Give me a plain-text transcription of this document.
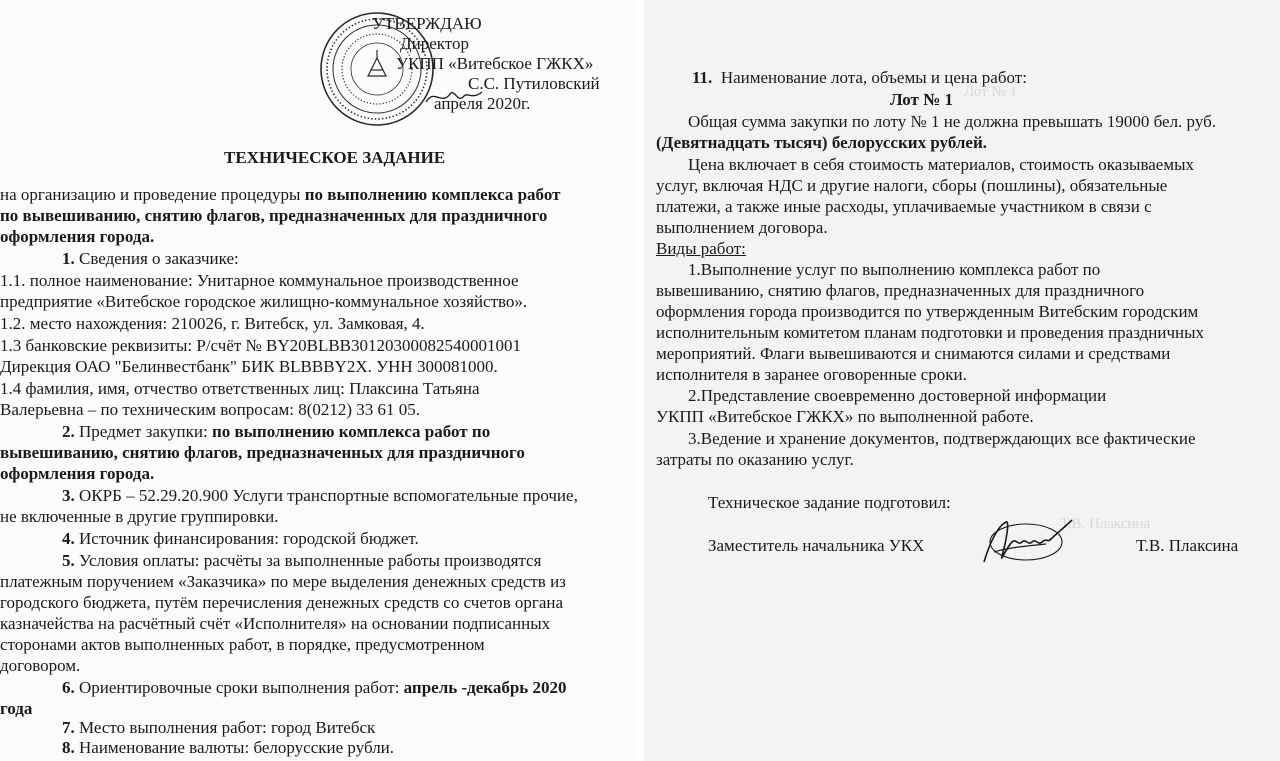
УТВЕРЖДАЮ
Директор
УКПП «Витебское ГЖКХ»
С.С. Путиловский
апреля 2020г.
ТЕХНИЧЕСКОЕ ЗАДАНИЕ
на организацию и проведение процедуры по выполнению комплекса работ
по вывешиванию, снятию флагов, предназначенных для праздничного
оформления города.
1. Сведения о заказчике:
1.1. полное наименование: Унитарное коммунальное производственное
предприятие «Витебское городское жилищно-коммунальное хозяйство».
1.2. место нахождения: 210026, г. Витебск, ул. Замковая, 4.
1.3 банковские реквизиты: Р/счёт № BY20BLBB30120300082540001001
Дирекция ОАО "Белинвестбанк" БИК BLBBBY2X. УНН 300081000.
1.4 фамилия, имя, отчество ответственных лиц: Плаксина Татьяна
Валерьевна – по техническим вопросам: 8(0212) 33 61 05.
2. Предмет закупки: по выполнению комплекса работ по
вывешиванию, снятию флагов, предназначенных для праздничного
оформления города.
3. ОКРБ – 52.29.20.900 Услуги транспортные вспомогательные прочие,
не включенные в другие группировки.
4. Источник финансирования: городской бюджет.
5. Условия оплаты: расчёты за выполненные работы производятся
платежным поручением «Заказчика» по мере выделения денежных средств из
городского бюджета, путём перечисления денежных средств со счетов органа
казначейства на расчётный счёт «Исполнителя» на основании подписанных
сторонами актов выполненных работ, в порядке, предусмотренном
договором.
6. Ориентировочные сроки выполнения работ: апрель -декабрь 2020
года
7. Место выполнения работ: город Витебск
8. Наименование валюты: белорусские рубли.
Лот № 1
Т.В. Плаксина
11. Наименование лота, объемы и цена работ:
Лот № 1
Общая сумма закупки по лоту № 1 не должна превышать 19000 бел. руб.
(Девятнадцать тысяч) белорусских рублей.
Цена включает в себя стоимость материалов, стоимость оказываемых
услуг, включая НДС и другие налоги, сборы (пошлины), обязательные
платежи, а также иные расходы, уплачиваемые участником в связи с
выполнением договора.
Виды работ:
1.Выполнение услуг по выполнению комплекса работ по
вывешиванию, снятию флагов, предназначенных для праздничного
оформления города производится по утвержденным Витебским городским
исполнительным комитетом планам подготовки и проведения праздничных
мероприятий. Флаги вывешиваются и снимаются силами и средствами
исполнителя в заранее оговоренные сроки.
2.Представление своевременно достоверной информации
УКПП «Витебское ГЖКХ» по выполненной работе.
3.Ведение и хранение документов, подтверждающих все фактические
затраты по оказанию услуг.
Техническое задание подготовил:
Заместитель начальника УКХ	Т.В. Плаксина
